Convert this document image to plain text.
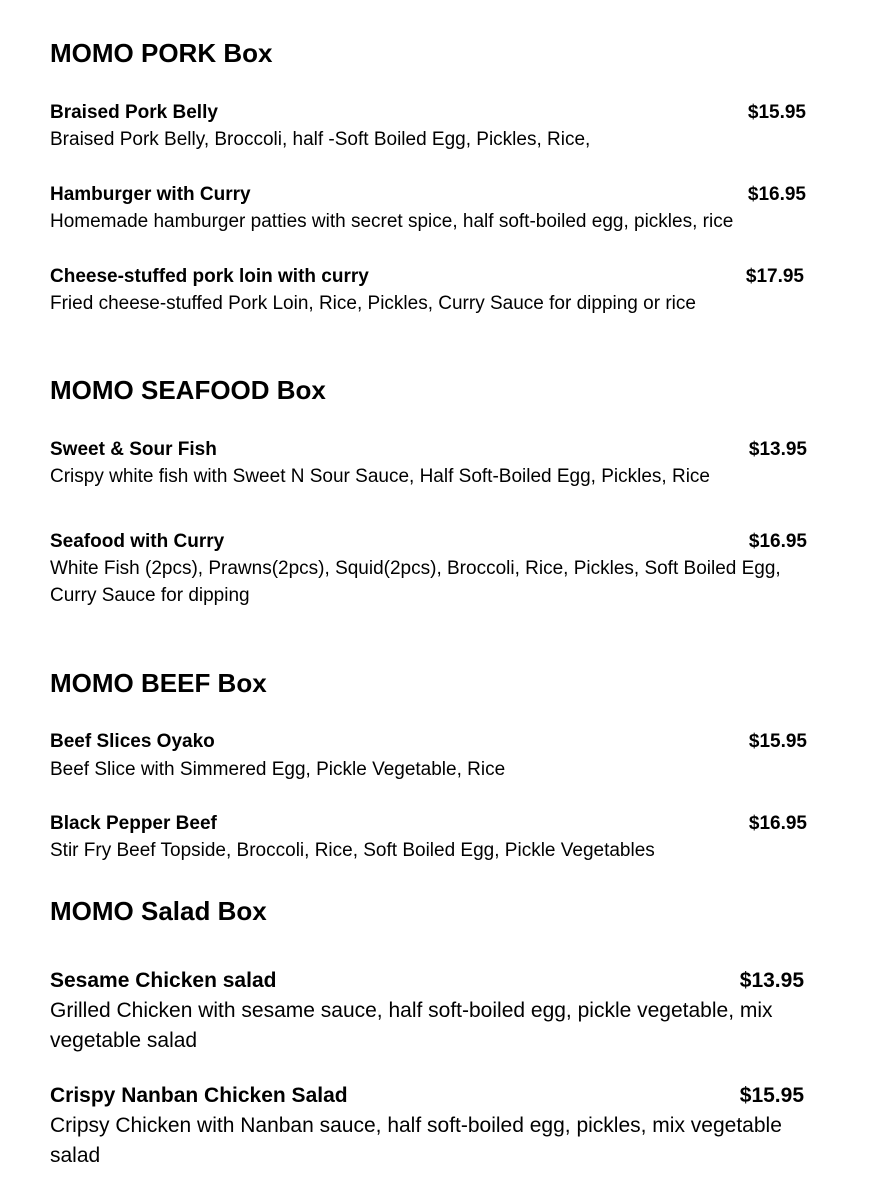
MOMO PORK Box
Braised Pork Belly	$15.95
Braised Pork Belly, Broccoli, half -Soft Boiled Egg, Pickles, Rice,
Hamburger with Curry	$16.95
Homemade hamburger patties with secret spice, half soft-boiled egg, pickles, rice
Cheese-stuffed pork loin with curry	$17.95
Fried cheese-stuffed Pork Loin, Rice, Pickles, Curry Sauce for dipping or rice
MOMO SEAFOOD Box
Sweet & Sour Fish	$13.95
Crispy white fish with Sweet N Sour Sauce, Half Soft-Boiled Egg, Pickles, Rice
Seafood with Curry	$16.95
White Fish (2pcs), Prawns(2pcs), Squid(2pcs), Broccoli, Rice, Pickles, Soft Boiled Egg,
Curry Sauce for dipping
MOMO BEEF Box
Beef Slices Oyako	$15.95
Beef Slice with Simmered Egg, Pickle Vegetable, Rice
Black Pepper Beef	$16.95
Stir Fry Beef Topside, Broccoli, Rice, Soft Boiled Egg, Pickle Vegetables
MOMO Salad Box
Sesame Chicken salad	$13.95
Grilled Chicken with sesame sauce, half soft-boiled egg, pickle vegetable, mix
vegetable salad
Crispy Nanban Chicken Salad	$15.95
Cripsy Chicken with Nanban sauce, half soft-boiled egg, pickles, mix vegetable
salad
